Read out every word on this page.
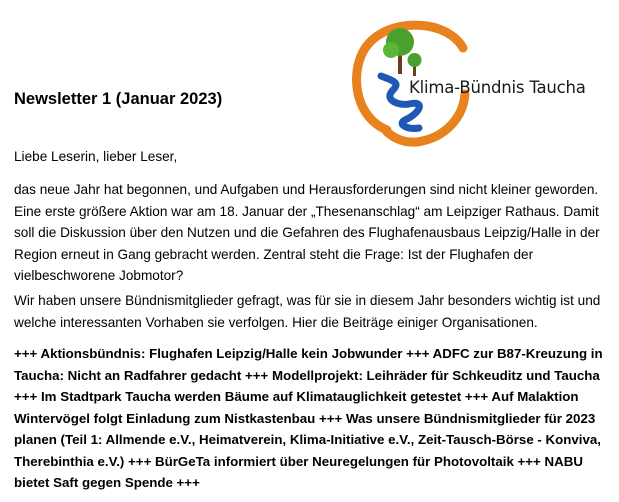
Klima-Bündnis Taucha
Newsletter 1 (Januar 2023)

Liebe Leserin, lieber Leser,

das neue Jahr hat begonnen, und Aufgaben und Herausforderungen sind nicht kleiner geworden. Eine erste größere Aktion war am 18. Januar der „Thesenanschlag“ am Leipziger Rathaus. Damit soll die Diskussion über den Nutzen und die Gefahren des Flughafenausbaus Leipzig/Halle in der Region erneut in Gang gebracht werden. Zentral steht die Frage: Ist der Flughafen der vielbeschworene Jobmotor?

Wir haben unsere Bündnismitglieder gefragt, was für sie in diesem Jahr besonders wichtig ist und welche interessanten Vorhaben sie verfolgen. Hier die Beiträge einiger Organisationen.

+++ Aktionsbündnis: Flughafen Leipzig/Halle kein Jobwunder +++ ADFC zur B87-Kreuzung in Taucha: Nicht an Radfahrer gedacht +++ Modellprojekt: Leihräder für Schkeuditz und Taucha +++ Im Stadtpark Taucha werden Bäume auf Klimatauglichkeit getestet +++ Auf Malaktion Wintervögel folgt Einladung zum Nistkastenbau +++ Was unsere Bündnismitglieder für 2023 planen (Teil 1: Allmende e.V., Heimatverein, Klima-Initiative e.V., Zeit-Tausch-Börse - Konviva, Therebinthia e.V.) +++ BürGeTa informiert über Neuregelungen für Photovoltaik +++ NABU bietet Saft gegen Spende +++
